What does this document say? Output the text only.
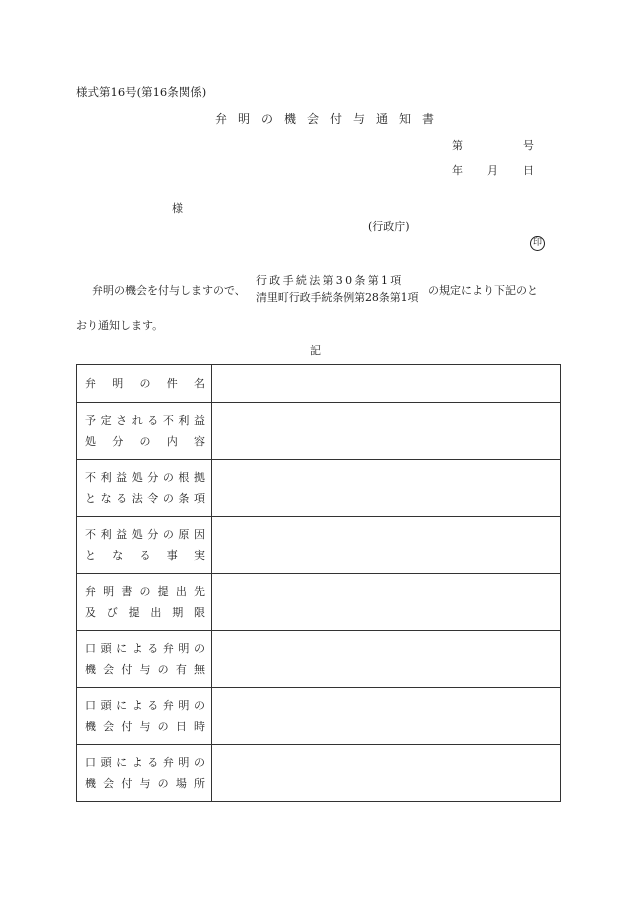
様式第16号(第16条関係)
弁明の機会付与通知書
第	号
年 月 日
様
(行政庁)
印
弁明の機会を付与しますので、
行政手続法第30条第1項
清里町行政手続条例第28条第1項
の規定により下記のと
おり通知します。
記
弁明の件名	

予定される不利益
処分の内容	

不利益処分の根拠
となる法令の条項	

不利益処分の原因
となる事実	

弁明書の提出先
及び提出期限	

口頭による弁明の
機会付与の有無	

口頭による弁明の
機会付与の日時	

口頭による弁明の
機会付与の場所	
